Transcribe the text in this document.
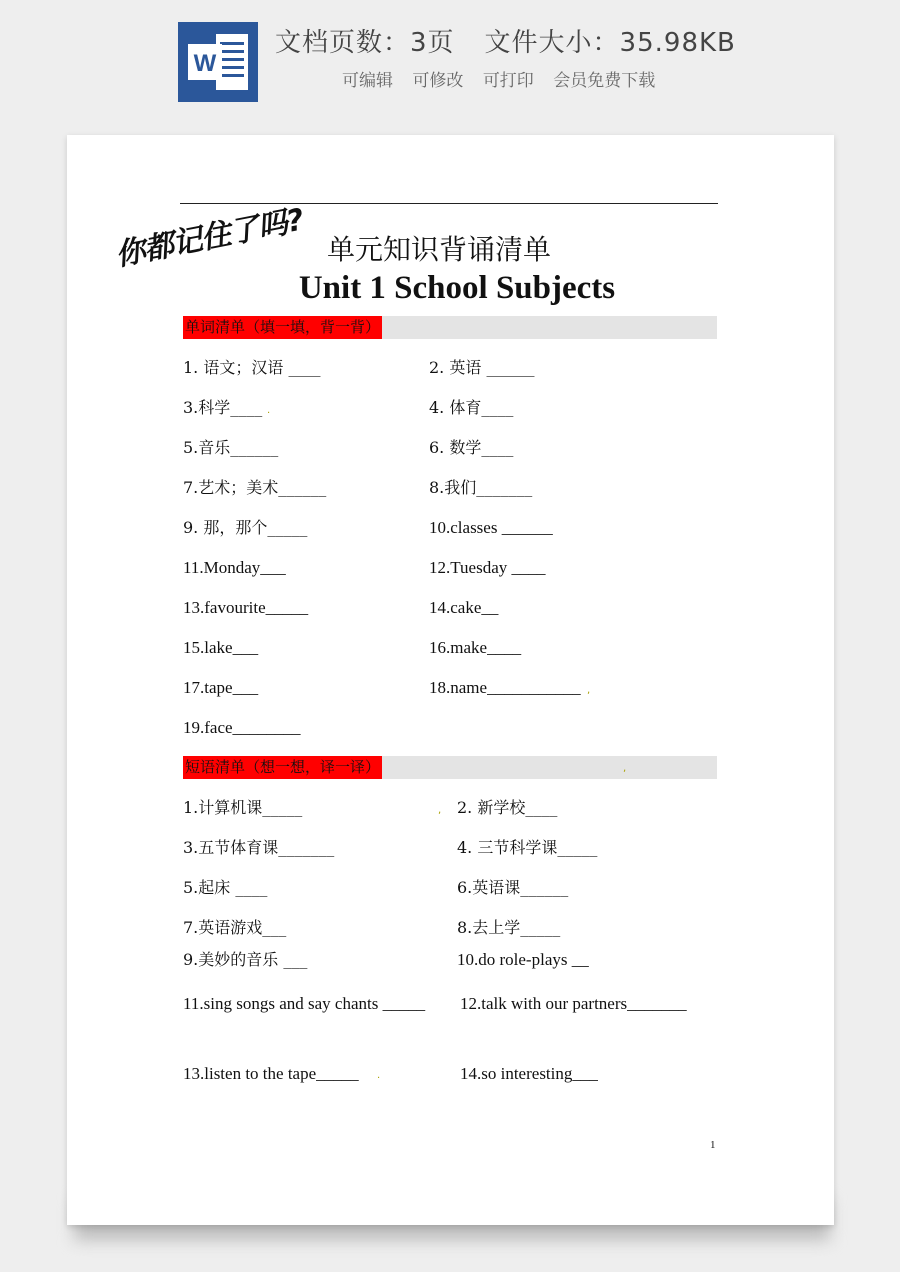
W
文档页数：3页 文件大小：35.98KB
可编辑 可修改 可打印 会员免费下载
你都记住了吗? 单元知识背诵清单
Unit 1 School Subjects
单词清单（填一填，背一背）
1. 语文；汉语 ____	2. 英语 ______
3.科学____	4. 体育____
5.音乐______	6. 数学____
7.艺术；美术______	8.我们_______
9. 那，那个_____	10.classes ______
11.Monday___	12.Tuesday ____
13.favourite_____	14.cake__
15.lake___	16.make____
17.tape___	18.name___________
19.face________
短语清单（想一想，译一译）
1.计算机课_____	2. 新学校____
3.五节体育课_______	4. 三节科学课_____
5.起床 ____	6.英语课______
7.英语游戏___	8.去上学_____
9.美妙的音乐 ___	10.do role-plays __
11.sing songs and say chants _____ 12.talk with our partners_______
13.listen to the tape_____	14.so interesting___
.
,
,
,
.
1
